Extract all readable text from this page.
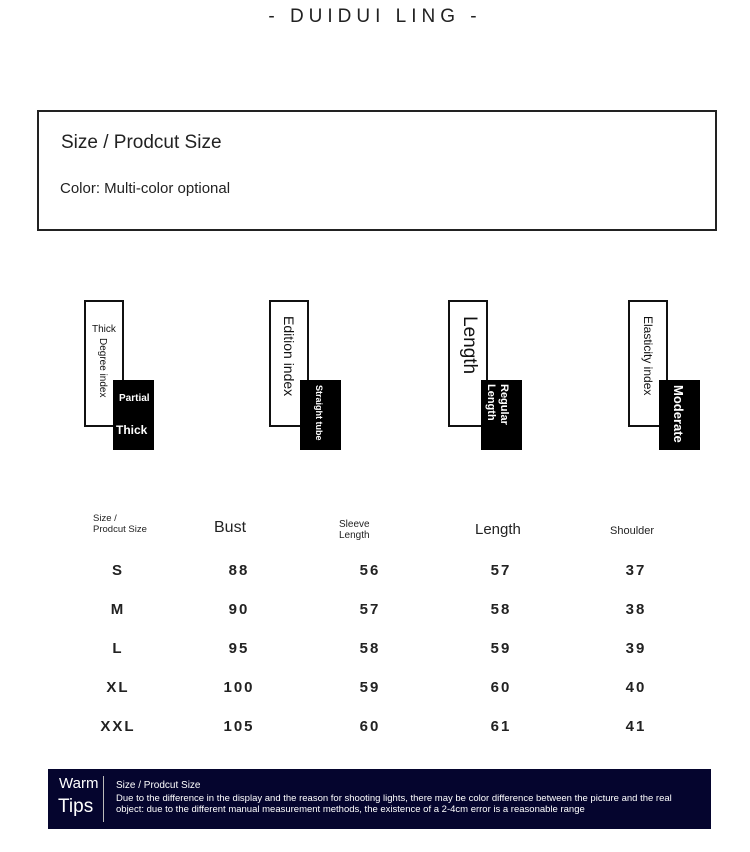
- DUIDUI LING -
Size / Prodcut Size
Color: Multi-color optional
Thick
Degree index
Partial
Thick
Edition index
Straight tube
Length
Regular
Length
Elasticity index
Moderate
Size / Prodcut Size	Bust	Sleeve Length	Length	Shoulder
S	88	56	57	37
M	90	57	58	38
L	95	58	59	39
XL	100	59	60	40
XXL	105	60	61	41
Warm
Tips
Size / Prodcut Size
Due to the difference in the display and the reason for shooting lights, there may be color difference between the picture and the real object: due to the different manual measurement methods, the existence of a 2-4cm error is a reasonable range
